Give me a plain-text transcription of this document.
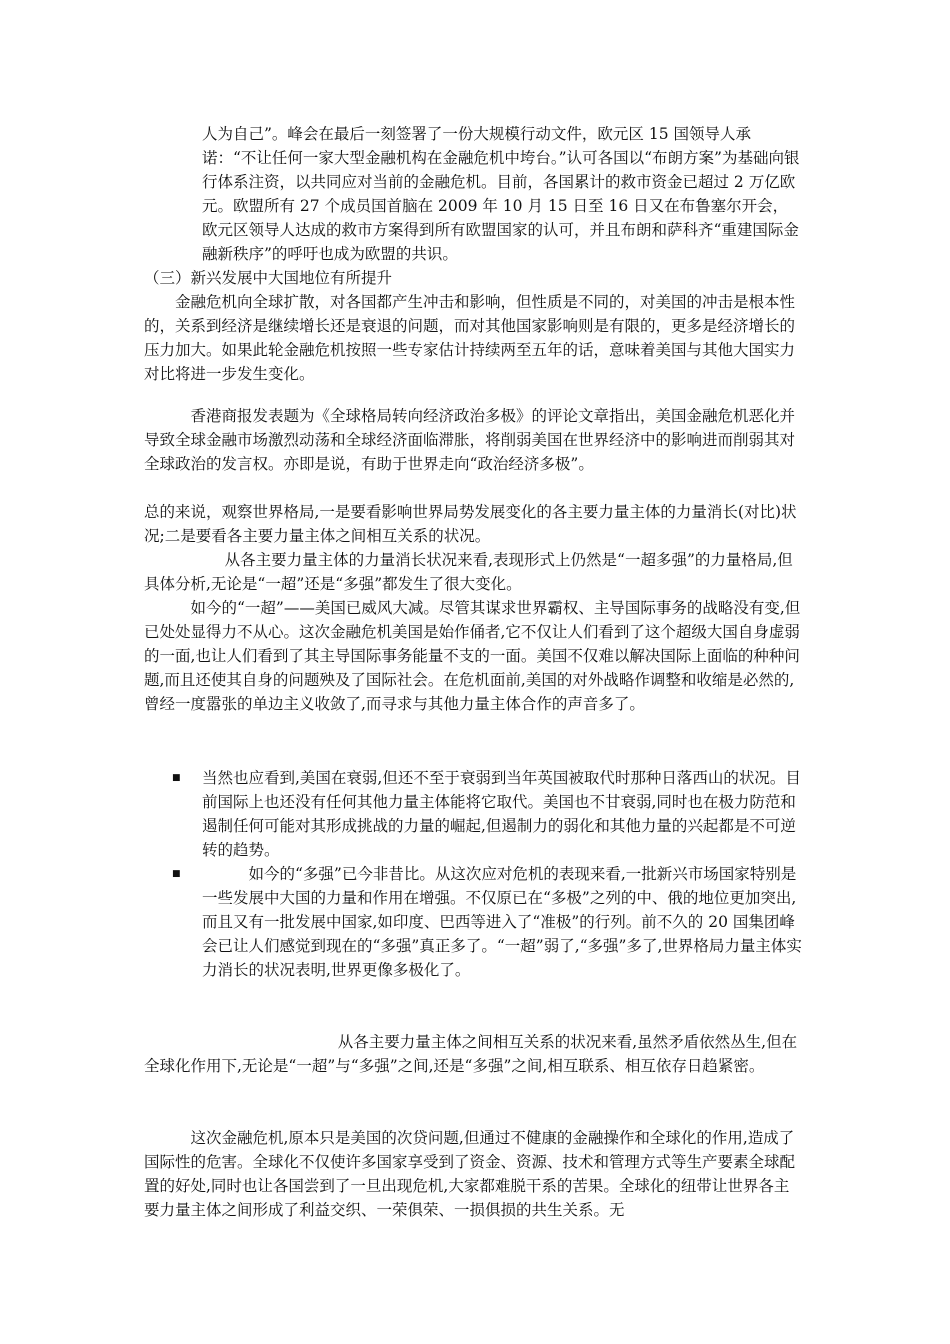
人为自己”。峰会在最后一刻签署了一份大规模行动文件，欧元区 15 国领导人承诺：“不让任何一家大型金融机构在金融危机中垮台。”认可各国以“布朗方案”为基础向银行体系注资，以共同应对当前的金融危机。目前，各国累计的救市资金已超过 2 万亿欧元。欧盟所有 27 个成员国首脑在 2009 年 10 月 15 日至 16 日又在布鲁塞尔开会，欧元区领导人达成的救市方案得到所有欧盟国家的认可，并且布朗和萨科齐“重建国际金融新秩序”的呼吁也成为欧盟的共识。

（三）新兴发展中大国地位有所提升

金融危机向全球扩散，对各国都产生冲击和影响，但性质是不同的，对美国的冲击是根本性的，关系到经济是继续增长还是衰退的问题，而对其他国家影响则是有限的，更多是经济增长的压力加大。如果此轮金融危机按照一些专家估计持续两至五年的话，意味着美国与其他大国实力对比将进一步发生变化。

香港商报发表题为《全球格局转向经济政治多极》的评论文章指出，美国金融危机恶化并导致全球金融市场激烈动荡和全球经济面临滞胀，将削弱美国在世界经济中的影响进而削弱其对全球政治的发言权。亦即是说，有助于世界走向“政治经济多极”。

总的来说，观察世界格局,一是要看影响世界局势发展变化的各主要力量主体的力量消长(对比)状况;二是要看各主要力量主体之间相互关系的状况。

从各主要力量主体的力量消长状况来看,表现形式上仍然是“一超多强”的力量格局,但具体分析,无论是“一超”还是“多强”都发生了很大变化。

如今的“一超”——美国已威风大减。尽管其谋求世界霸权、主导国际事务的战略没有变,但已处处显得力不从心。这次金融危机美国是始作俑者,它不仅让人们看到了这个超级大国自身虚弱的一面,也让人们看到了其主导国际事务能量不支的一面。美国不仅难以解决国际上面临的种种问题,而且还使其自身的问题殃及了国际社会。在危机面前,美国的对外战略作调整和收缩是必然的,曾经一度嚣张的单边主义收敛了,而寻求与其他力量主体合作的声音多了。

■ 当然也应看到,美国在衰弱,但还不至于衰弱到当年英国被取代时那种日落西山的状况。目前国际上也还没有任何其他力量主体能将它取代。美国也不甘衰弱,同时也在极力防范和遏制任何可能对其形成挑战的力量的崛起,但遏制力的弱化和其他力量的兴起都是不可逆转的趋势。

■	如今的“多强”已今非昔比。从这次应对危机的表现来看,一批新兴市场国家特别是一些发展中大国的力量和作用在增强。不仅原已在“多极”之列的中、俄的地位更加突出,而且又有一批发展中国家,如印度、巴西等进入了“准极”的行列。前不久的 20 国集团峰会已让人们感觉到现在的“多强”真正多了。“一超”弱了,“多强”多了,世界格局力量主体实力消长的状况表明,世界更像多极化了。

从各主要力量主体之间相互关系的状况来看,虽然矛盾依然丛生,但在全球化作用下,无论是“一超”与“多强”之间,还是“多强”之间,相互联系、相互依存日趋紧密。

这次金融危机,原本只是美国的次贷问题,但通过不健康的金融操作和全球化的作用,造成了国际性的危害。全球化不仅使许多国家享受到了资金、资源、技术和管理方式等生产要素全球配置的好处,同时也让各国尝到了一旦出现危机,大家都难脱干系的苦果。全球化的纽带让世界各主要力量主体之间形成了利益交织、一荣俱荣、一损俱损的共生关系。无
